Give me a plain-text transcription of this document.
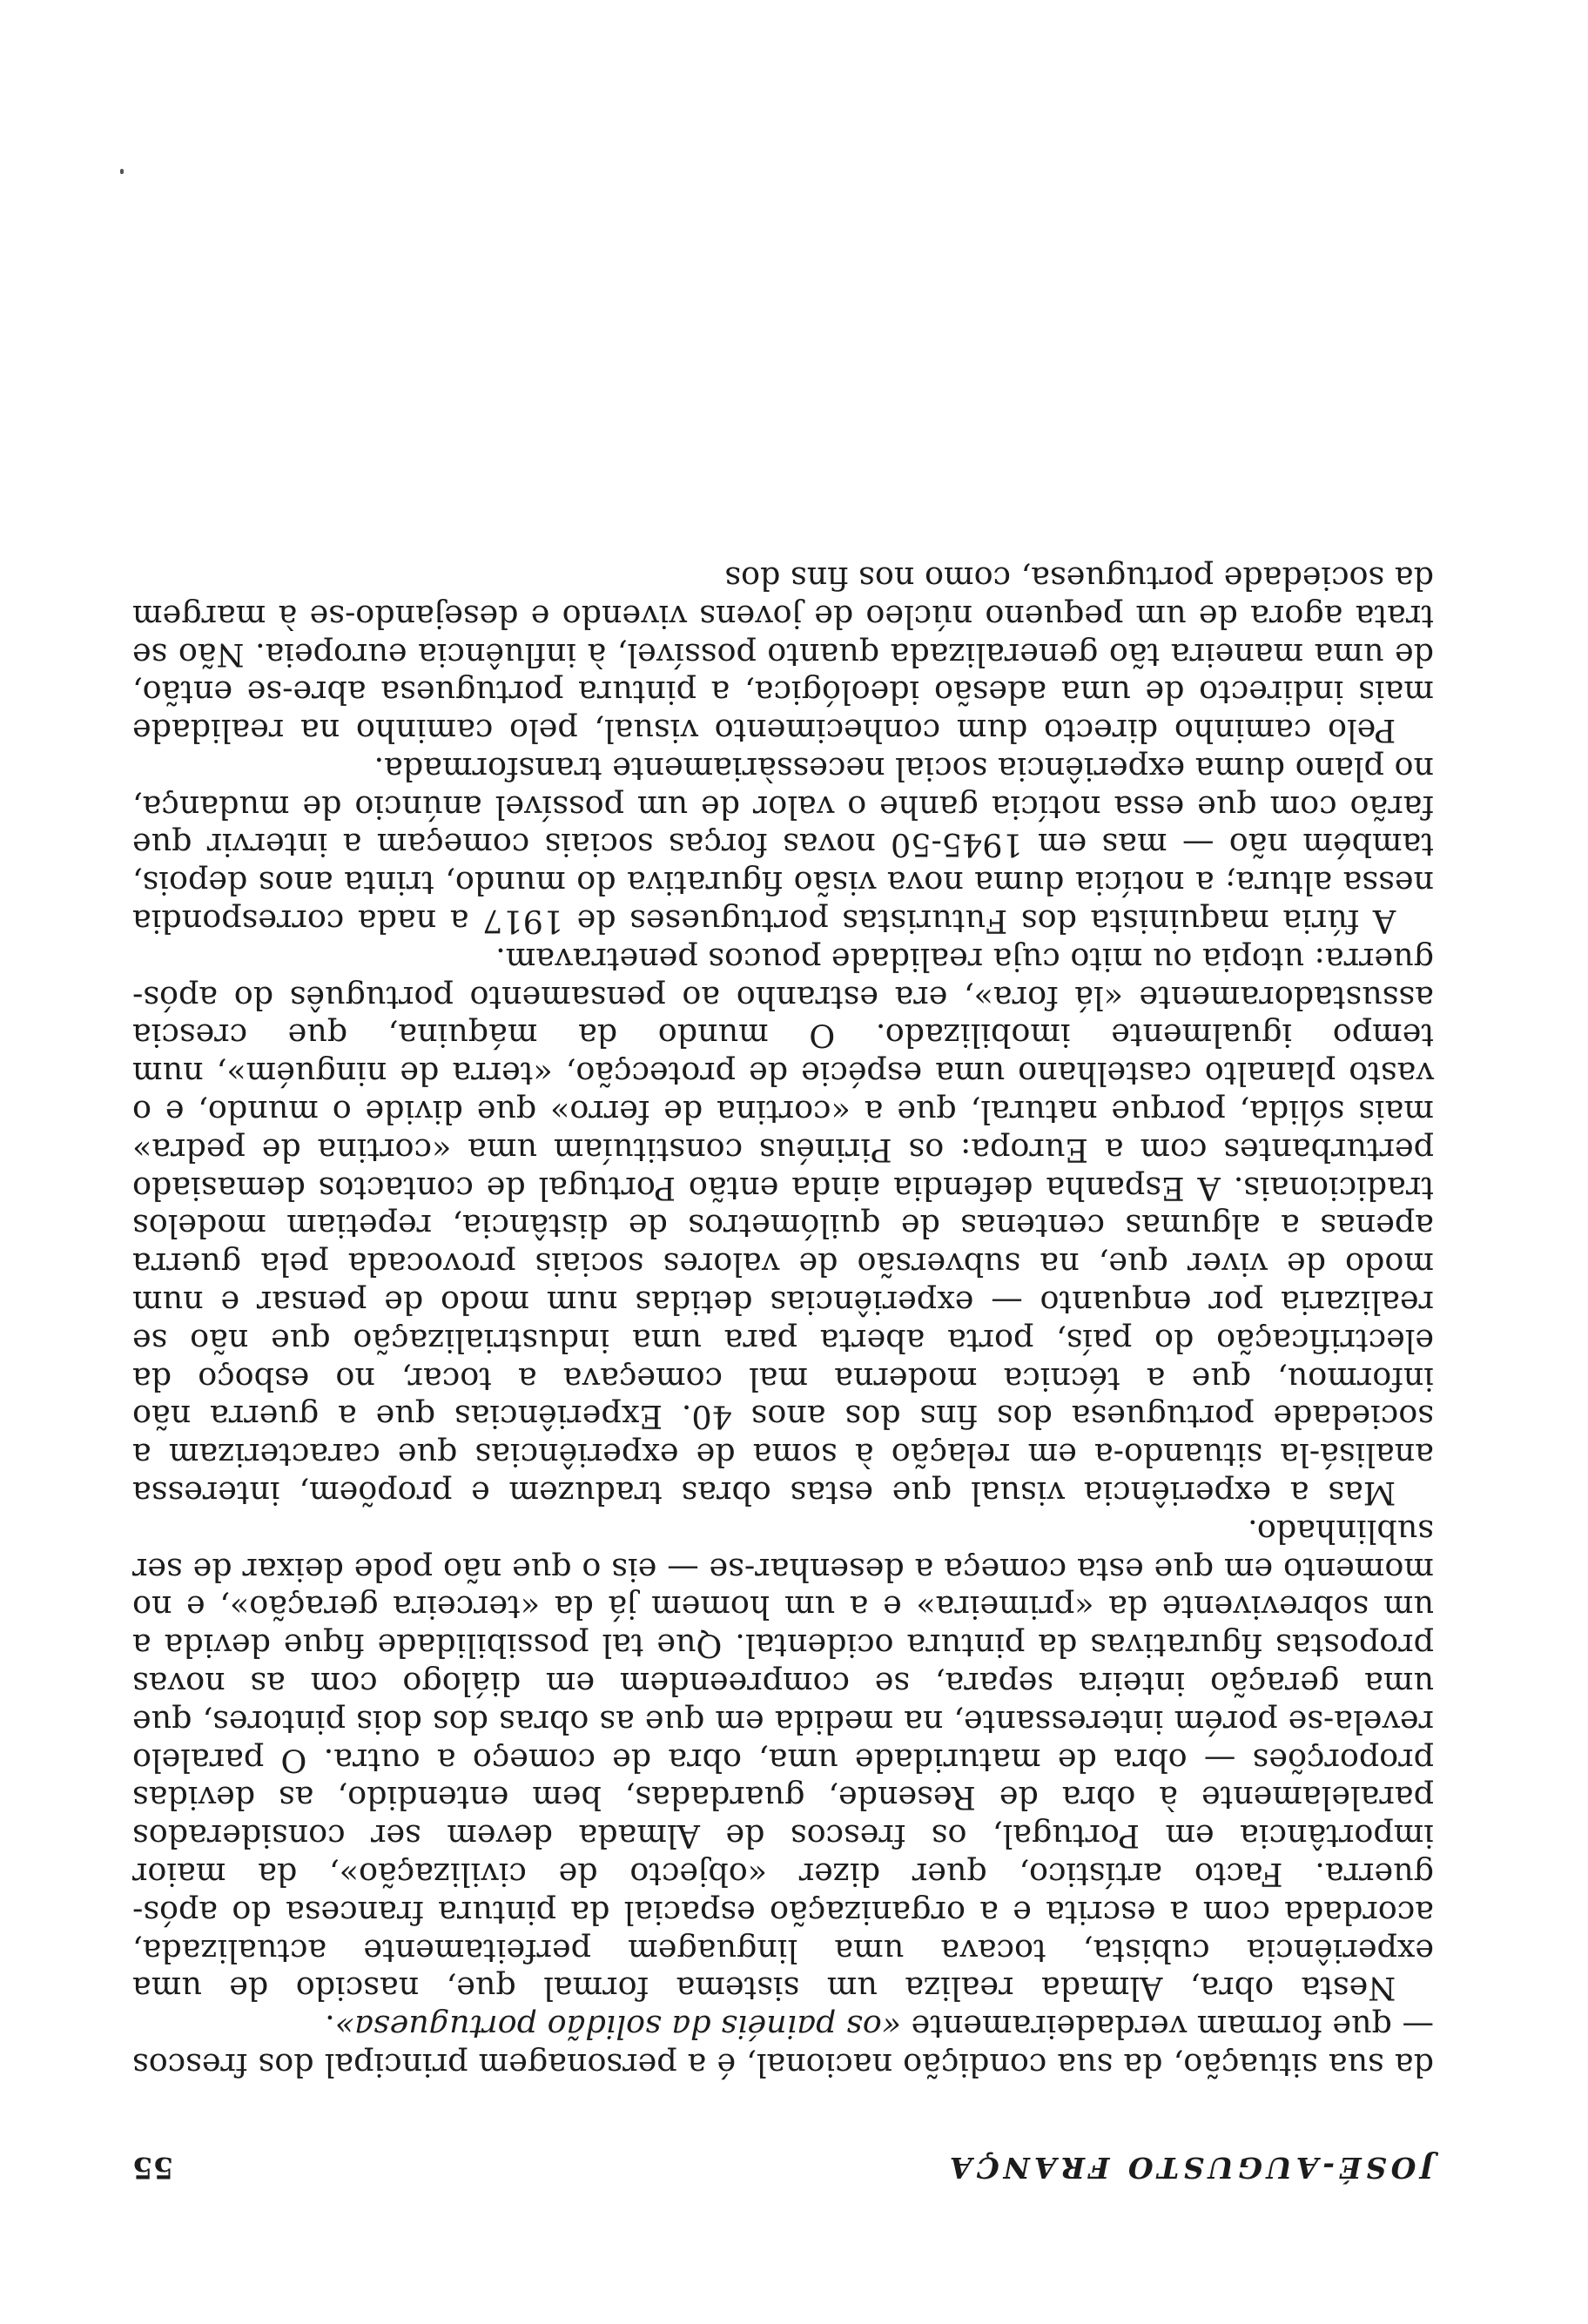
JOSÉ-AUGUSTO FRANÇA
55

da sua situação, da sua condição nacional, é a personagem principal dos frescos — que formam verdadeiramente «os painéis da solidão portuguesa».

Nesta obra, Almada realiza um sistema formal que, nascido de uma experiência cubista, tocava uma linguagem perfeitamente actualizada, acordada com a escrita e a organização espacial da pintura francesa do após-guerra. Facto artístico, quer dizer «objecto de civilização», da maior importância em Portugal, os frescos de Almada devem ser considerados paralelamente à obra de Resende, guardadas, bem entendido, as devidas proporções — obra de maturidade uma, obra de começo a outra. O paralelo revela-se porém interessante, na medida em que as obras dos dois pintores, que uma geração inteira separa, se compreendem em diálogo com as novas propostas figurativas da pintura ocidental. Que tal possibilidade fique devida a um sobrevivente da «primeira» e a um homem já da «terceira geração», e no momento em que esta começa a desenhar-se — eis o que não pode deixar de ser sublinhado.

Mas a experiência visual que estas obras traduzem e propõem, interessa analisá-la situando-a em relação à soma de experiências que caracterizam a sociedade portuguesa dos fins dos anos 40. Experiências que a guerra não informou, que a técnica moderna mal começava a tocar, no esboço da electrificação do país, porta aberta para uma industrialização que não se realizaria por enquanto — experiências detidas num modo de pensar e num modo de viver que, na subversão de valores sociais provocada pela guerra apenas a algumas centenas de quilómetros de distância, repetiam modelos tradicionais. A Espanha defendia ainda então Portugal de contactos demasiado perturbantes com a Europa: os Pirinéus constituíam uma «cortina de pedra» mais sólida, porque natural, que a «cortina de ferro» que divide o mundo, e o vasto planalto castelhano uma espécie de protecção, «terra de ninguém», num tempo igualmente imobilizado. O mundo da máquina, que crescia assustadoramente «lá fora», era estranho ao pensamento português do após-guerra: utopia ou mito cuja realidade poucos penetravam.

A fúria maquinista dos Futuristas portugueses de 1917 a nada correspondia nessa altura; a notícia duma nova visão figurativa do mundo, trinta anos depois, também não — mas em 1945-50 novas forças sociais começam a intervir que farão com que essa notícia ganhe o valor de um possível anúncio de mudança, no plano duma experiência social necessàriamente transformada.

Pelo caminho directo dum conhecimento visual, pelo caminho na realidade mais indirecto de uma adesão ideológica, a pintura portuguesa abre-se então, de uma maneira tão generalizada quanto possível, à influência europeia. Não se trata agora de um pequeno núcleo de jovens vivendo e desejando-se à margem da sociedade portuguesa, como nos fins dos
